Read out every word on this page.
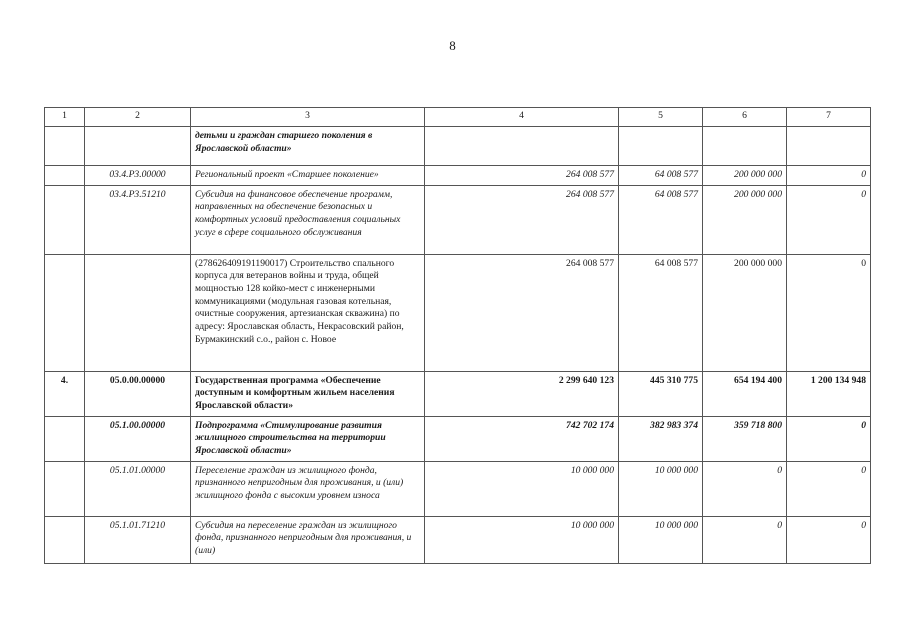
8
1	2	3	4	5	6	7
		детьми и граждан старшего поколения в Ярославской области»				
	03.4.Р3.00000	Региональный проект «Старшее поколение»	264 008 577	64 008 577	200 000 000	0
	03.4.Р3.51210	Субсидия на финансовое обеспечение программ, направленных на обеспечение безопасных и комфортных условий предоставления социальных услуг в сфере социального обслуживания	264 008 577	64 008 577	200 000 000	0
		(27862640919119001​7) Строительство спального корпуса для ветеранов войны и труда, общей мощностью 128 койко-мест с инженерными коммуникациями (модульная газовая котельная, очистные сооружения, артезианская скважина) по адресу: Ярославская область, Некрасовский район, Бурмакинский с.о., район с. Новое	264 008 577	64 008 577	200 000 000	0
4.	05.0.00.00000	Государственная программа «Обеспечение доступным и комфортным жильем населения Ярославской области»	2 299 640 123	445 310 775	654 194 400	1 200 134 948
	05.1.00.00000	Подпрограмма «Стимулирование развития жилищного строительства на территории Ярославской области»	742 702 174	382 983 374	359 718 800	0
	05.1.01.00000	Переселение граждан из жилищного фонда, признанного непригодным для проживания, и (или) жилищного фонда с высоким уровнем износа	10 000 000	10 000 000	0	0
	05.1.01.71210	Субсидия на переселение граждан из жилищного фонда, признанного непригодным для проживания, и (или)	10 000 000	10 000 000	0	0
